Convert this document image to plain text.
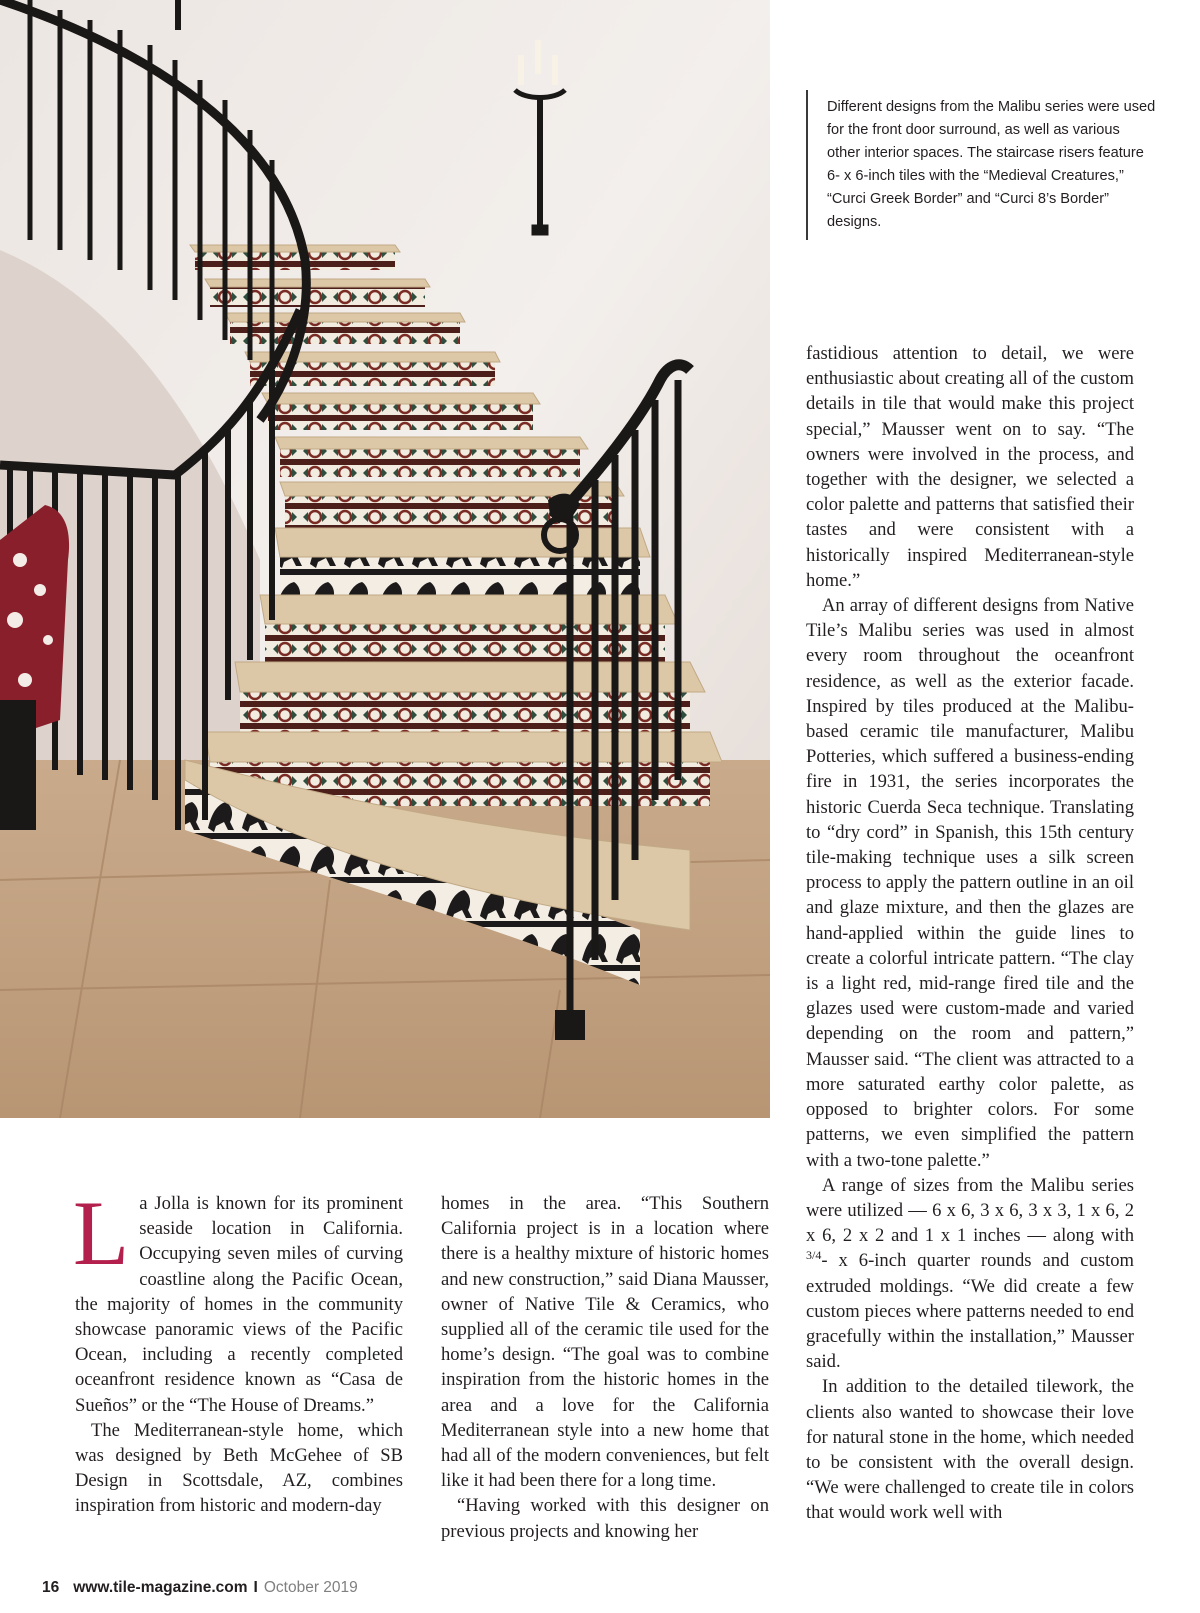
Different designs from the Malibu series were used for the front door surround, as well as various other interior spaces. The staircase risers feature 6- x 6-inch tiles with the “Medieval Creatures,” “Curci Greek Border” and “Curci 8’s Border” designs.

La Jolla is known for its prominent seaside location in California. Occupying seven miles of curving coastline along the Pacific Ocean, the majority of homes in the community showcase panoramic views of the Pacific Ocean, including a recently completed oceanfront residence known as “Casa de Sueños” or the “The House of Dreams.”

The Mediterranean-style home, which was designed by Beth McGehee of SB Design in Scottsdale, AZ, combines inspiration from historic and modern-day

homes in the area. “This Southern California project is in a location where there is a healthy mixture of historic homes and new construction,” said Diana Mausser, owner of Native Tile & Ceramics, who supplied all of the ceramic tile used for the home’s design. “The goal was to combine inspiration from the historic homes in the area and a love for the California Mediterranean style into a new home that had all of the modern conveniences, but felt like it had been there for a long time.

“Having worked with this designer on previous projects and knowing her

fastidious attention to detail, we were enthusiastic about creating all of the custom details in tile that would make this project special,” Mausser went on to say. “The owners were involved in the process, and together with the designer, we selected a color palette and patterns that satisfied their tastes and were consistent with a historically inspired Mediterranean-style home.”

An array of different designs from Native Tile’s Malibu series was used in almost every room throughout the oceanfront residence, as well as the exterior facade. Inspired by tiles produced at the Malibu-based ceramic tile manufacturer, Malibu Potteries, which suffered a business-ending fire in 1931, the series incorporates the historic Cuerda Seca technique. Translating to “dry cord” in Spanish, this 15th century tile-making technique uses a silk screen process to apply the pattern outline in an oil and glaze mixture, and then the glazes are hand-applied within the guide lines to create a colorful intricate pattern. “The clay is a light red, mid-range fired tile and the glazes used were custom-made and varied depending on the room and pattern,” Mausser said. “The client was attracted to a more saturated earthy color palette, as opposed to brighter colors. For some patterns, we even simplified the pattern with a two-tone palette.”

A range of sizes from the Malibu series were utilized — 6 x 6, 3 x 6, 3 x 3, 1 x 6, 2 x 6, 2 x 2 and 1 x 1 inches — along with $^{3/4}$- x 6-inch quarter rounds and custom extruded moldings. “We did create a few custom pieces where patterns needed to end gracefully within the installation,” Mausser said.

In addition to the detailed tilework, the clients also wanted to showcase their love for natural stone in the home, which needed to be consistent with the overall design. “We were challenged to create tile in colors that would work well with

16 www.tile-magazine.com I October 2019
